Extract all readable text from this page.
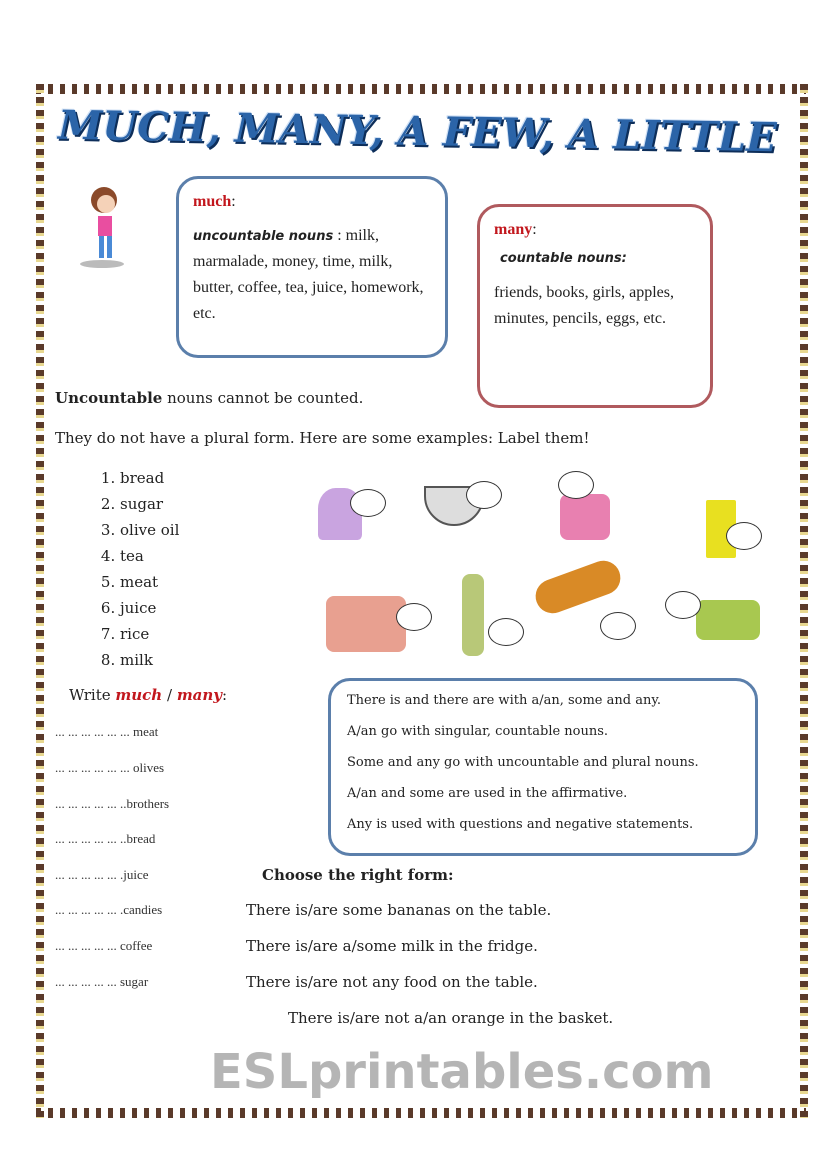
MUCH, MANY, A FEW, A LITTLE
much:
uncountable nouns : milk, marmalade, money, time, milk, butter, coffee, tea, juice, homework, etc.
many:
countable nouns:
friends, books, girls, apples, minutes, pencils, eggs, etc.
Uncountable nouns cannot be counted.
They do not have a plural form. Here are some examples: Label them!
1. bread
2. sugar
3. olive oil
4. tea
5. meat
6. juice
7. rice
8. milk
Write much / many:
... ... ... ... ... ... meat
... ... ... ... ... ... olives
... ... ... ... ... ..brothers
... ... ... ... ... ..bread
... ... ... ... ... .juice
... ... ... ... ... .candies
... ... ... ... ... coffee
... ... ... ... ... sugar
There is and there are with a/an, some and any.
A/an go with singular, countable nouns.
Some and any go with uncountable and plural nouns.
A/an and some are used in the affirmative.
Any is used with questions and negative statements.
Choose the right form:
There is/are some bananas on the table.
There is/are a/some milk in the fridge.
There is/are not any food on the table.
There is/are not a/an orange in the basket.
ESLprintables.com
